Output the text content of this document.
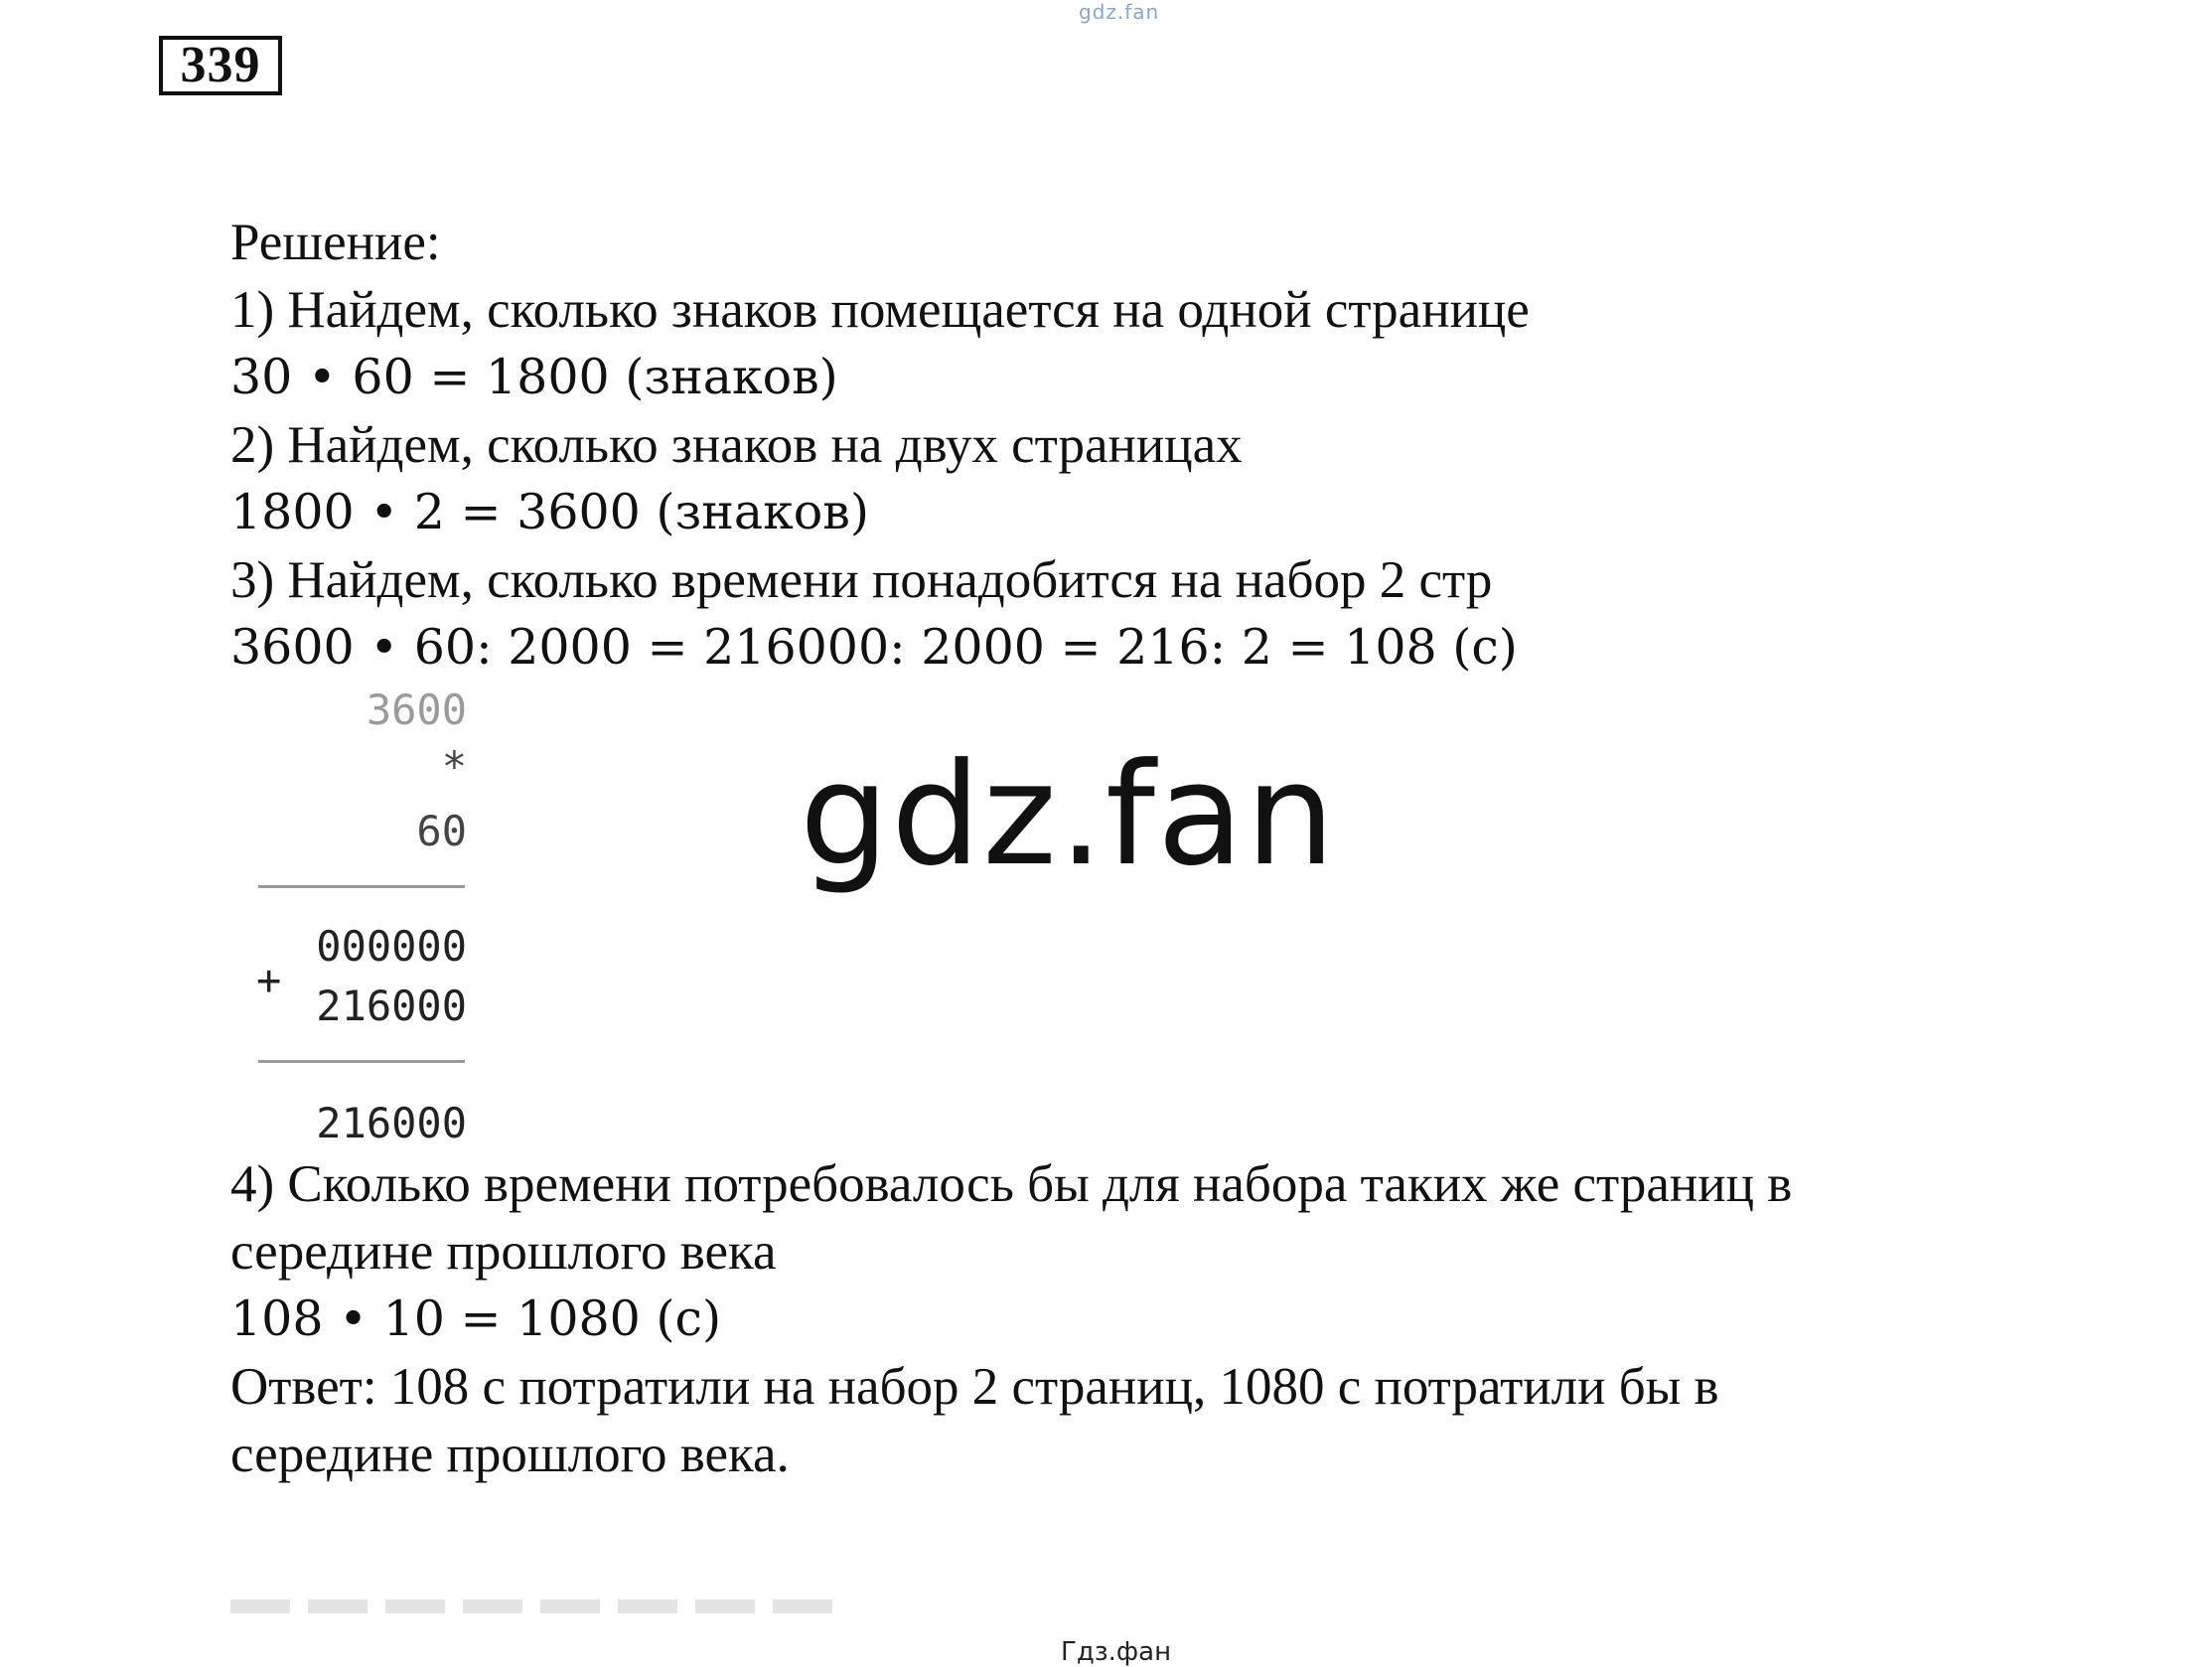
gdz.fan
339
Решение:
1) Найдем, сколько знаков помещается на одной странице
30 • 60 = 1800 (знаков)
2) Найдем, сколько знаков на двух страницах
1800 • 2 = 3600 (знаков)
3) Найдем, сколько времени понадобится на набор 2 стр
3600 • 60: 2000 = 216000: 2000 = 216: 2 = 108 (с)
3600
*
60
000000
+
216000
216000
gdz.fan
4) Сколько времени потребовалось бы для набора таких же страниц в
середине прошлого века
108 • 10 = 1080 (с)
Ответ: 108 с потратили на набор 2 страниц, 1080 с потратили бы в
середине прошлого века.
Гдз.фан
